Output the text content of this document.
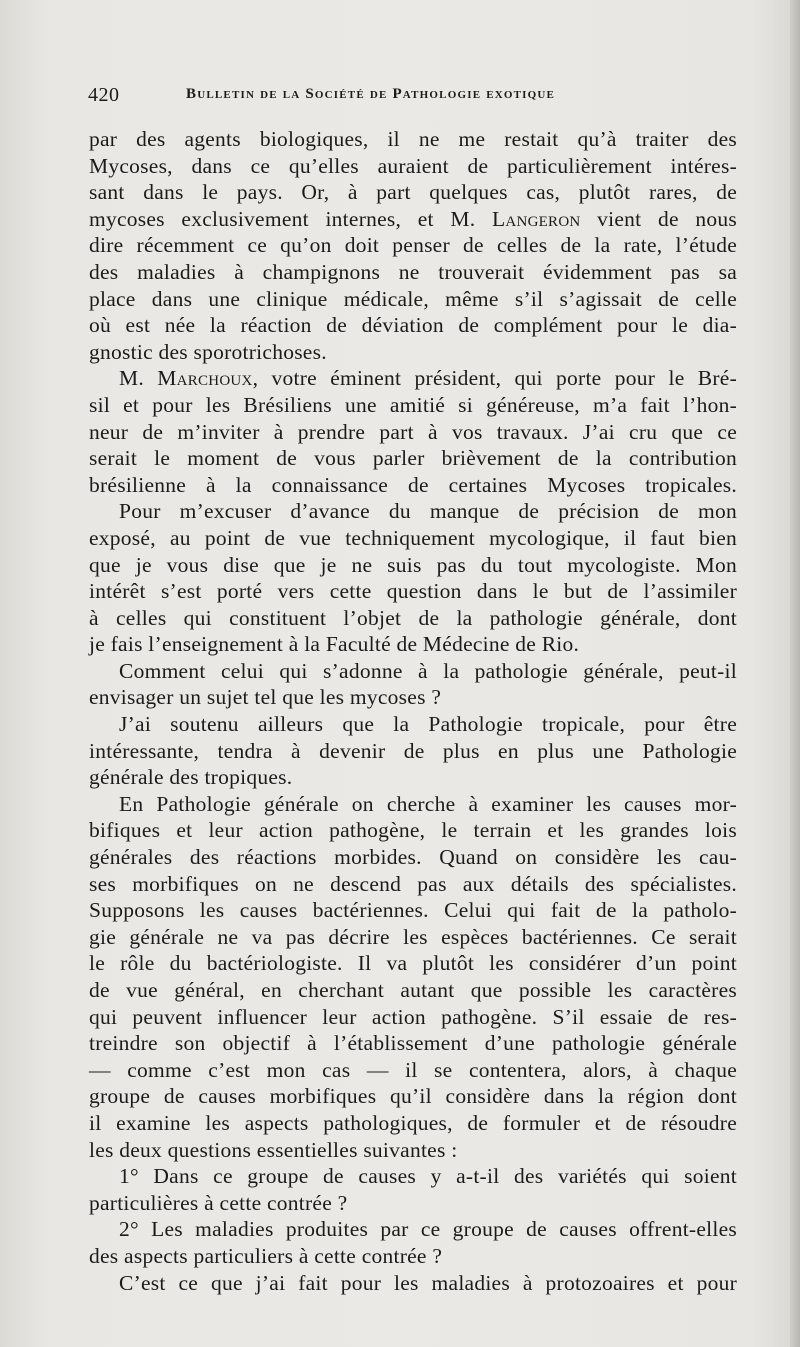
420	Bulletin de la Société de Pathologie exotique
par des agents biologiques, il ne me restait qu’à traiter des
Mycoses, dans ce qu’elles auraient de particulièrement intéres-
sant dans le pays. Or, à part quelques cas, plutôt rares, de
mycoses exclusivement internes, et M. Langeron vient de nous
dire récemment ce qu’on doit penser de celles de la rate, l’étude
des maladies à champignons ne trouverait évidemment pas sa
place dans une clinique médicale, même s’il s’agissait de celle
où est née la réaction de déviation de complément pour le dia-
gnostic des sporotrichoses.
M. Marchoux, votre éminent président, qui porte pour le Bré-
sil et pour les Brésiliens une amitié si généreuse, m’a fait l’hon-
neur de m’inviter à prendre part à vos travaux. J’ai cru que ce
serait le moment de vous parler brièvement de la contribution
brésilienne à la connaissance de certaines Mycoses tropicales.
Pour m’excuser d’avance du manque de précision de mon
exposé, au point de vue techniquement mycologique, il faut bien
que je vous dise que je ne suis pas du tout mycologiste. Mon
intérêt s’est porté vers cette question dans le but de l’assimiler
à celles qui constituent l’objet de la pathologie générale, dont
je fais l’enseignement à la Faculté de Médecine de Rio.
Comment celui qui s’adonne à la pathologie générale, peut-il
envisager un sujet tel que les mycoses ?
J’ai soutenu ailleurs que la Pathologie tropicale, pour être
intéressante, tendra à devenir de plus en plus une Pathologie
générale des tropiques.
En Pathologie générale on cherche à examiner les causes mor-
bifiques et leur action pathogène, le terrain et les grandes lois
générales des réactions morbides. Quand on considère les cau-
ses morbifiques on ne descend pas aux détails des spécialistes.
Supposons les causes bactériennes. Celui qui fait de la patholo-
gie générale ne va pas décrire les espèces bactériennes. Ce serait
le rôle du bactériologiste. Il va plutôt les considérer d’un point
de vue général, en cherchant autant que possible les caractères
qui peuvent influencer leur action pathogène. S’il essaie de res-
treindre son objectif à l’établissement d’une pathologie générale
— comme c’est mon cas — il se contentera, alors, à chaque
groupe de causes morbifiques qu’il considère dans la région dont
il examine les aspects pathologiques, de formuler et de résoudre
les deux questions essentielles suivantes :
1° Dans ce groupe de causes y a-t-il des variétés qui soient
particulières à cette contrée ?
2° Les maladies produites par ce groupe de causes offrent-elles
des aspects particuliers à cette contrée ?
C’est ce que j’ai fait pour les maladies à protozoaires et pour
